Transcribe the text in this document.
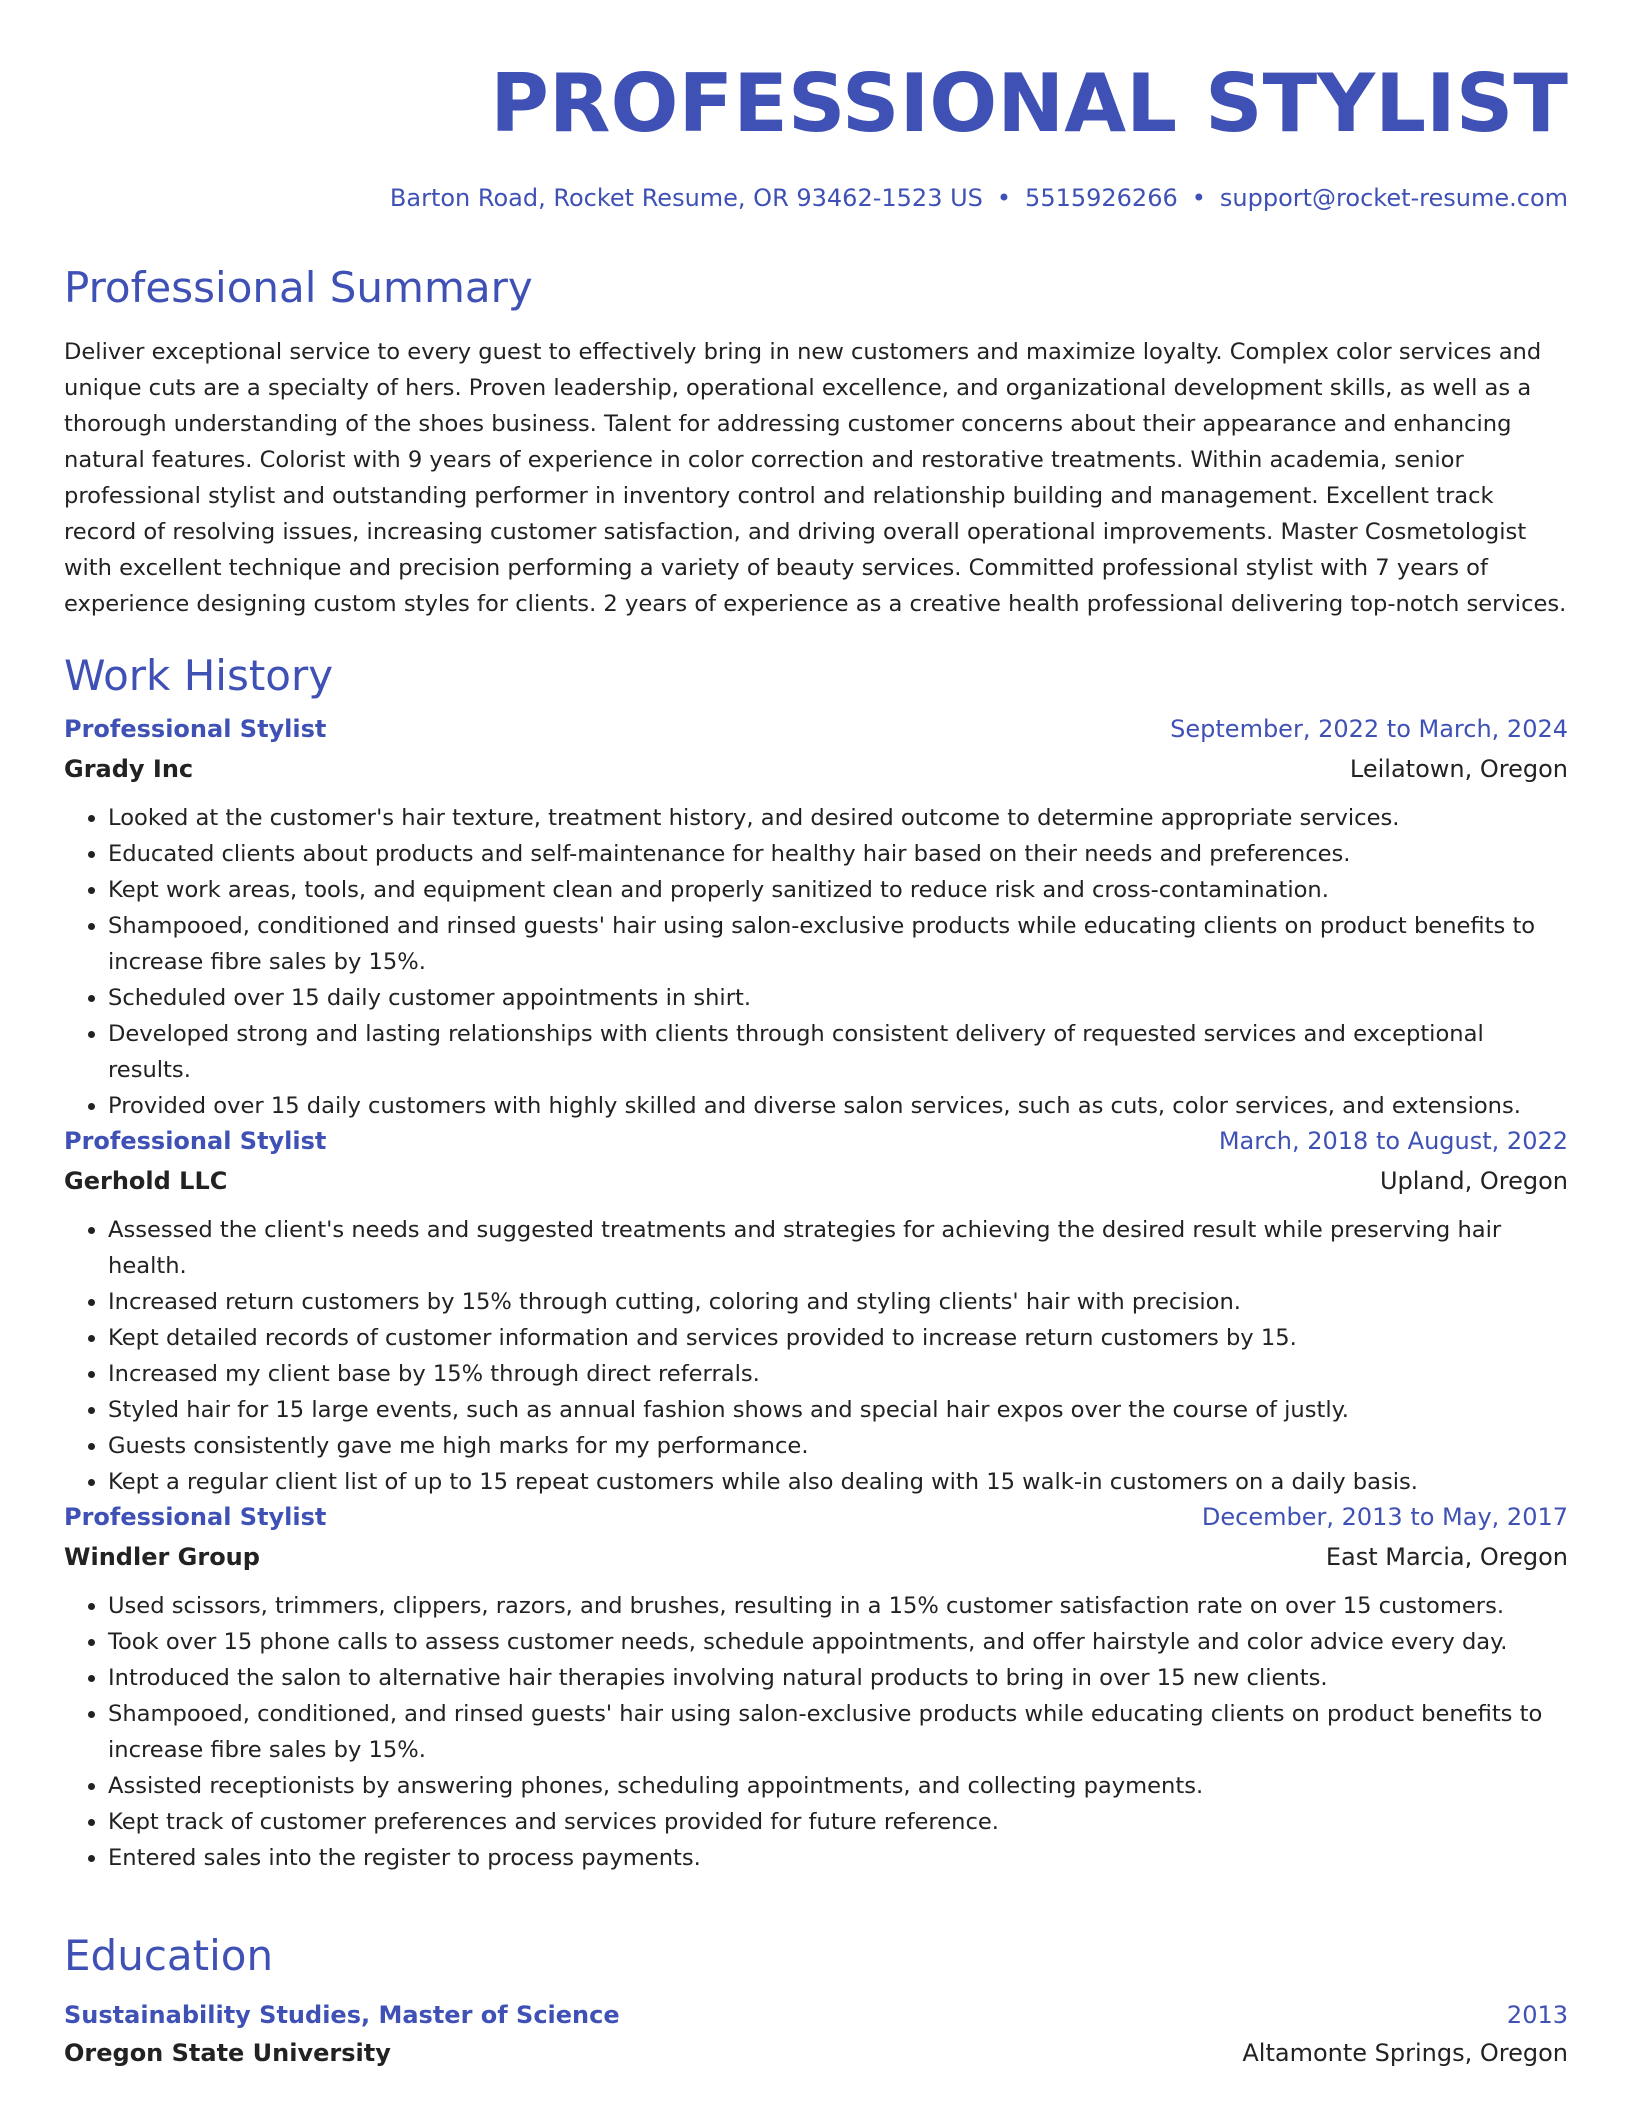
PROFESSIONAL STYLIST
Barton Road, Rocket Resume, OR 93462-1523 US • 5515926266 • support@rocket-resume.com
Professional Summary

Deliver exceptional service to every guest to effectively bring in new customers and maximize loyalty. Complex color services and unique cuts are a specialty of hers. Proven leadership, operational excellence, and organizational development skills, as well as a thorough understanding of the shoes business. Talent for addressing customer concerns about their appearance and enhancing natural features. Colorist with 9 years of experience in color correction and restorative treatments. Within academia, senior professional stylist and outstanding performer in inventory control and relationship building and management. Excellent track record of resolving issues, increasing customer satisfaction, and driving overall operational improvements. Master Cosmetologist with excellent technique and precision performing a variety of beauty services. Committed professional stylist with 7 years of experience designing custom styles for clients. 2 years of experience as a creative health professional delivering top-notch services.

Work History
Professional Stylist	September, 2022 to March, 2024
Grady Inc	Leilatown, Oregon
• Looked at the customer's hair texture, treatment history, and desired outcome to determine appropriate services.
• Educated clients about products and self-maintenance for healthy hair based on their needs and preferences.
• Kept work areas, tools, and equipment clean and properly sanitized to reduce risk and cross-contamination.
• Shampooed, conditioned and rinsed guests' hair using salon-exclusive products while educating clients on product benefits to increase fibre sales by 15%.
• Scheduled over 15 daily customer appointments in shirt.
• Developed strong and lasting relationships with clients through consistent delivery of requested services and exceptional results.
• Provided over 15 daily customers with highly skilled and diverse salon services, such as cuts, color services, and extensions.
Professional Stylist	March, 2018 to August, 2022
Gerhold LLC	Upland, Oregon
• Assessed the client's needs and suggested treatments and strategies for achieving the desired result while preserving hair health.
• Increased return customers by 15% through cutting, coloring and styling clients' hair with precision.
• Kept detailed records of customer information and services provided to increase return customers by 15.
• Increased my client base by 15% through direct referrals.
• Styled hair for 15 large events, such as annual fashion shows and special hair expos over the course of justly.
• Guests consistently gave me high marks for my performance.
• Kept a regular client list of up to 15 repeat customers while also dealing with 15 walk-in customers on a daily basis.
Professional Stylist	December, 2013 to May, 2017
Windler Group	East Marcia, Oregon
• Used scissors, trimmers, clippers, razors, and brushes, resulting in a 15% customer satisfaction rate on over 15 customers.
• Took over 15 phone calls to assess customer needs, schedule appointments, and offer hairstyle and color advice every day.
• Introduced the salon to alternative hair therapies involving natural products to bring in over 15 new clients.
• Shampooed, conditioned, and rinsed guests' hair using salon-exclusive products while educating clients on product benefits to increase fibre sales by 15%.
• Assisted receptionists by answering phones, scheduling appointments, and collecting payments.
• Kept track of customer preferences and services provided for future reference.
• Entered sales into the register to process payments.
Education
Sustainability Studies, Master of Science	2013
Oregon State University	Altamonte Springs, Oregon
